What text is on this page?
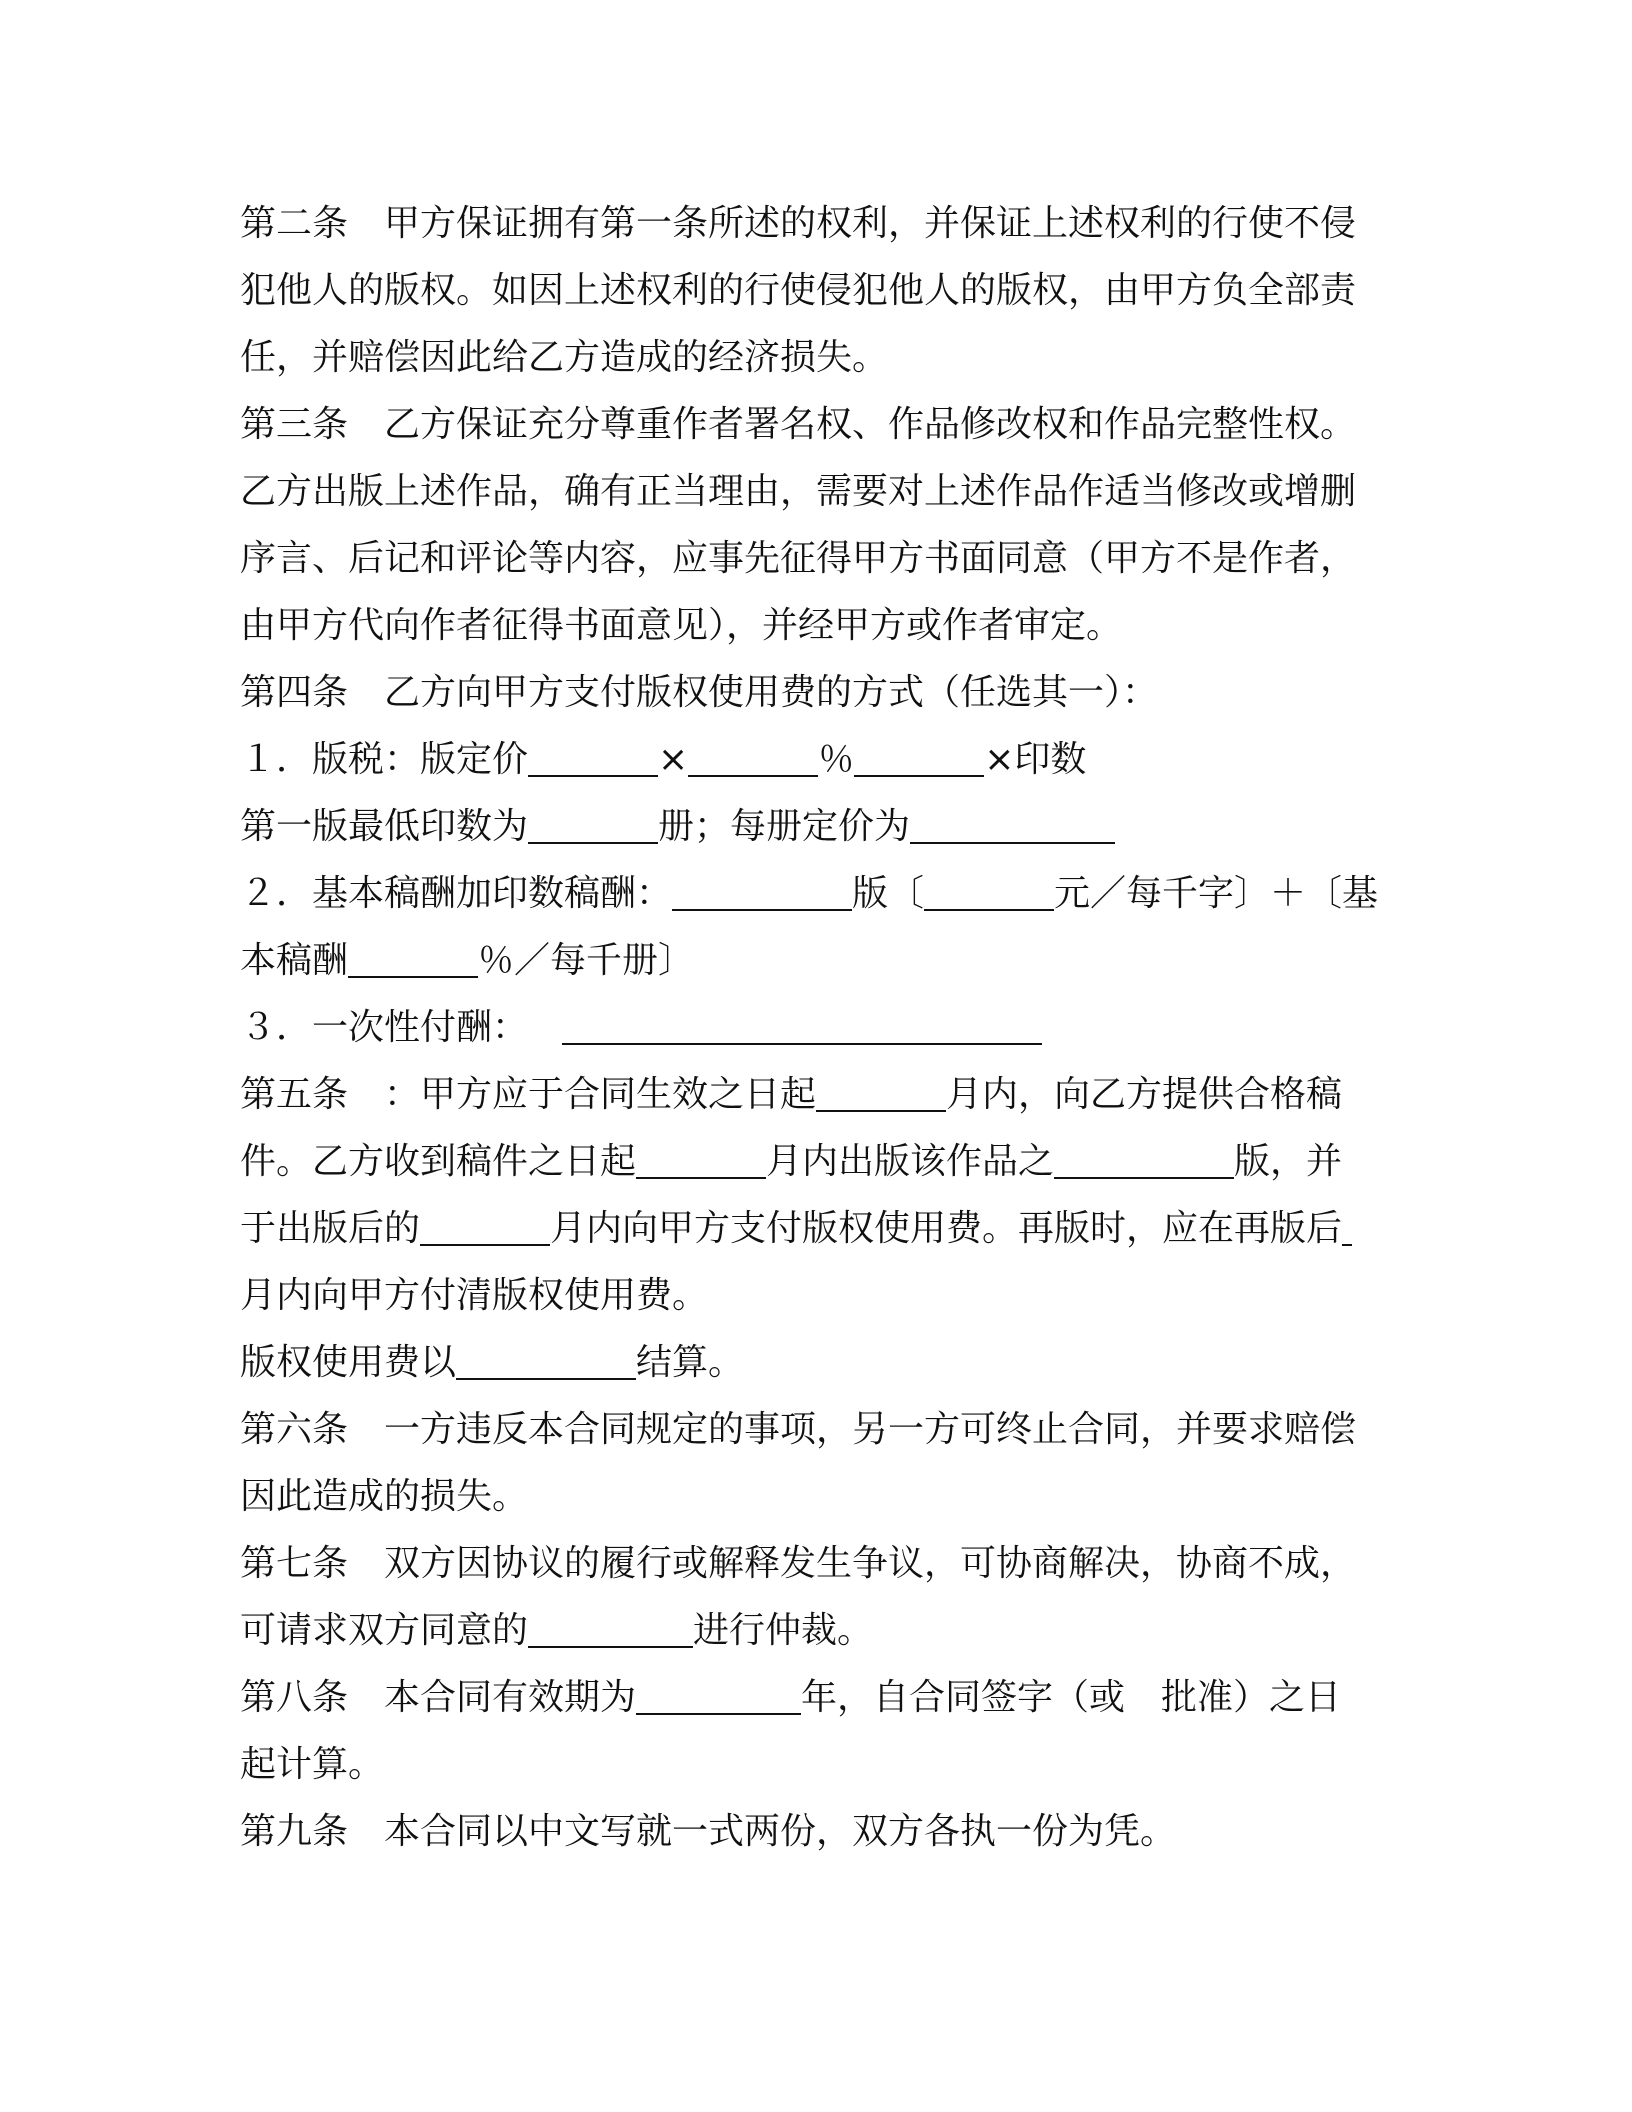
第二条　甲方保证拥有第一条所述的权利，并保证上述权利的行使不侵
犯他人的版权。如因上述权利的行使侵犯他人的版权，由甲方负全部责
任，并赔偿因此给乙方造成的经济损失。
第三条　乙方保证充分尊重作者署名权、作品修改权和作品完整性权。
乙方出版上述作品，确有正当理由，需要对上述作品作适当修改或增删
序言、后记和评论等内容，应事先征得甲方书面同意（甲方不是作者，
由甲方代向作者征得书面意见），并经甲方或作者审定。
第四条　乙方向甲方支付版权使用费的方式（任选其一）：
１．版税：版定价	×	％	×印数
第一版最低印数为	册；每册定价为
２．基本稿酬加印数稿酬：	版〔	元／每千字〕＋〔基
本稿酬	％／每千册〕
３．一次性付酬：
第五条　：甲方应于合同生效之日起	月内，向乙方提供合格稿
件。乙方收到稿件之日起	月内出版该作品之	版，并
于出版后的	月内向甲方支付版权使用费。再版时，应在再版后
月内向甲方付清版权使用费。
版权使用费以	结算。
第六条　一方违反本合同规定的事项，另一方可终止合同，并要求赔偿
因此造成的损失。
第七条　双方因协议的履行或解释发生争议，可协商解决，协商不成，
可请求双方同意的	进行仲裁。
第八条　本合同有效期为	年，自合同签字（或　批准）之日
起计算。
第九条　本合同以中文写就一式两份，双方各执一份为凭。
